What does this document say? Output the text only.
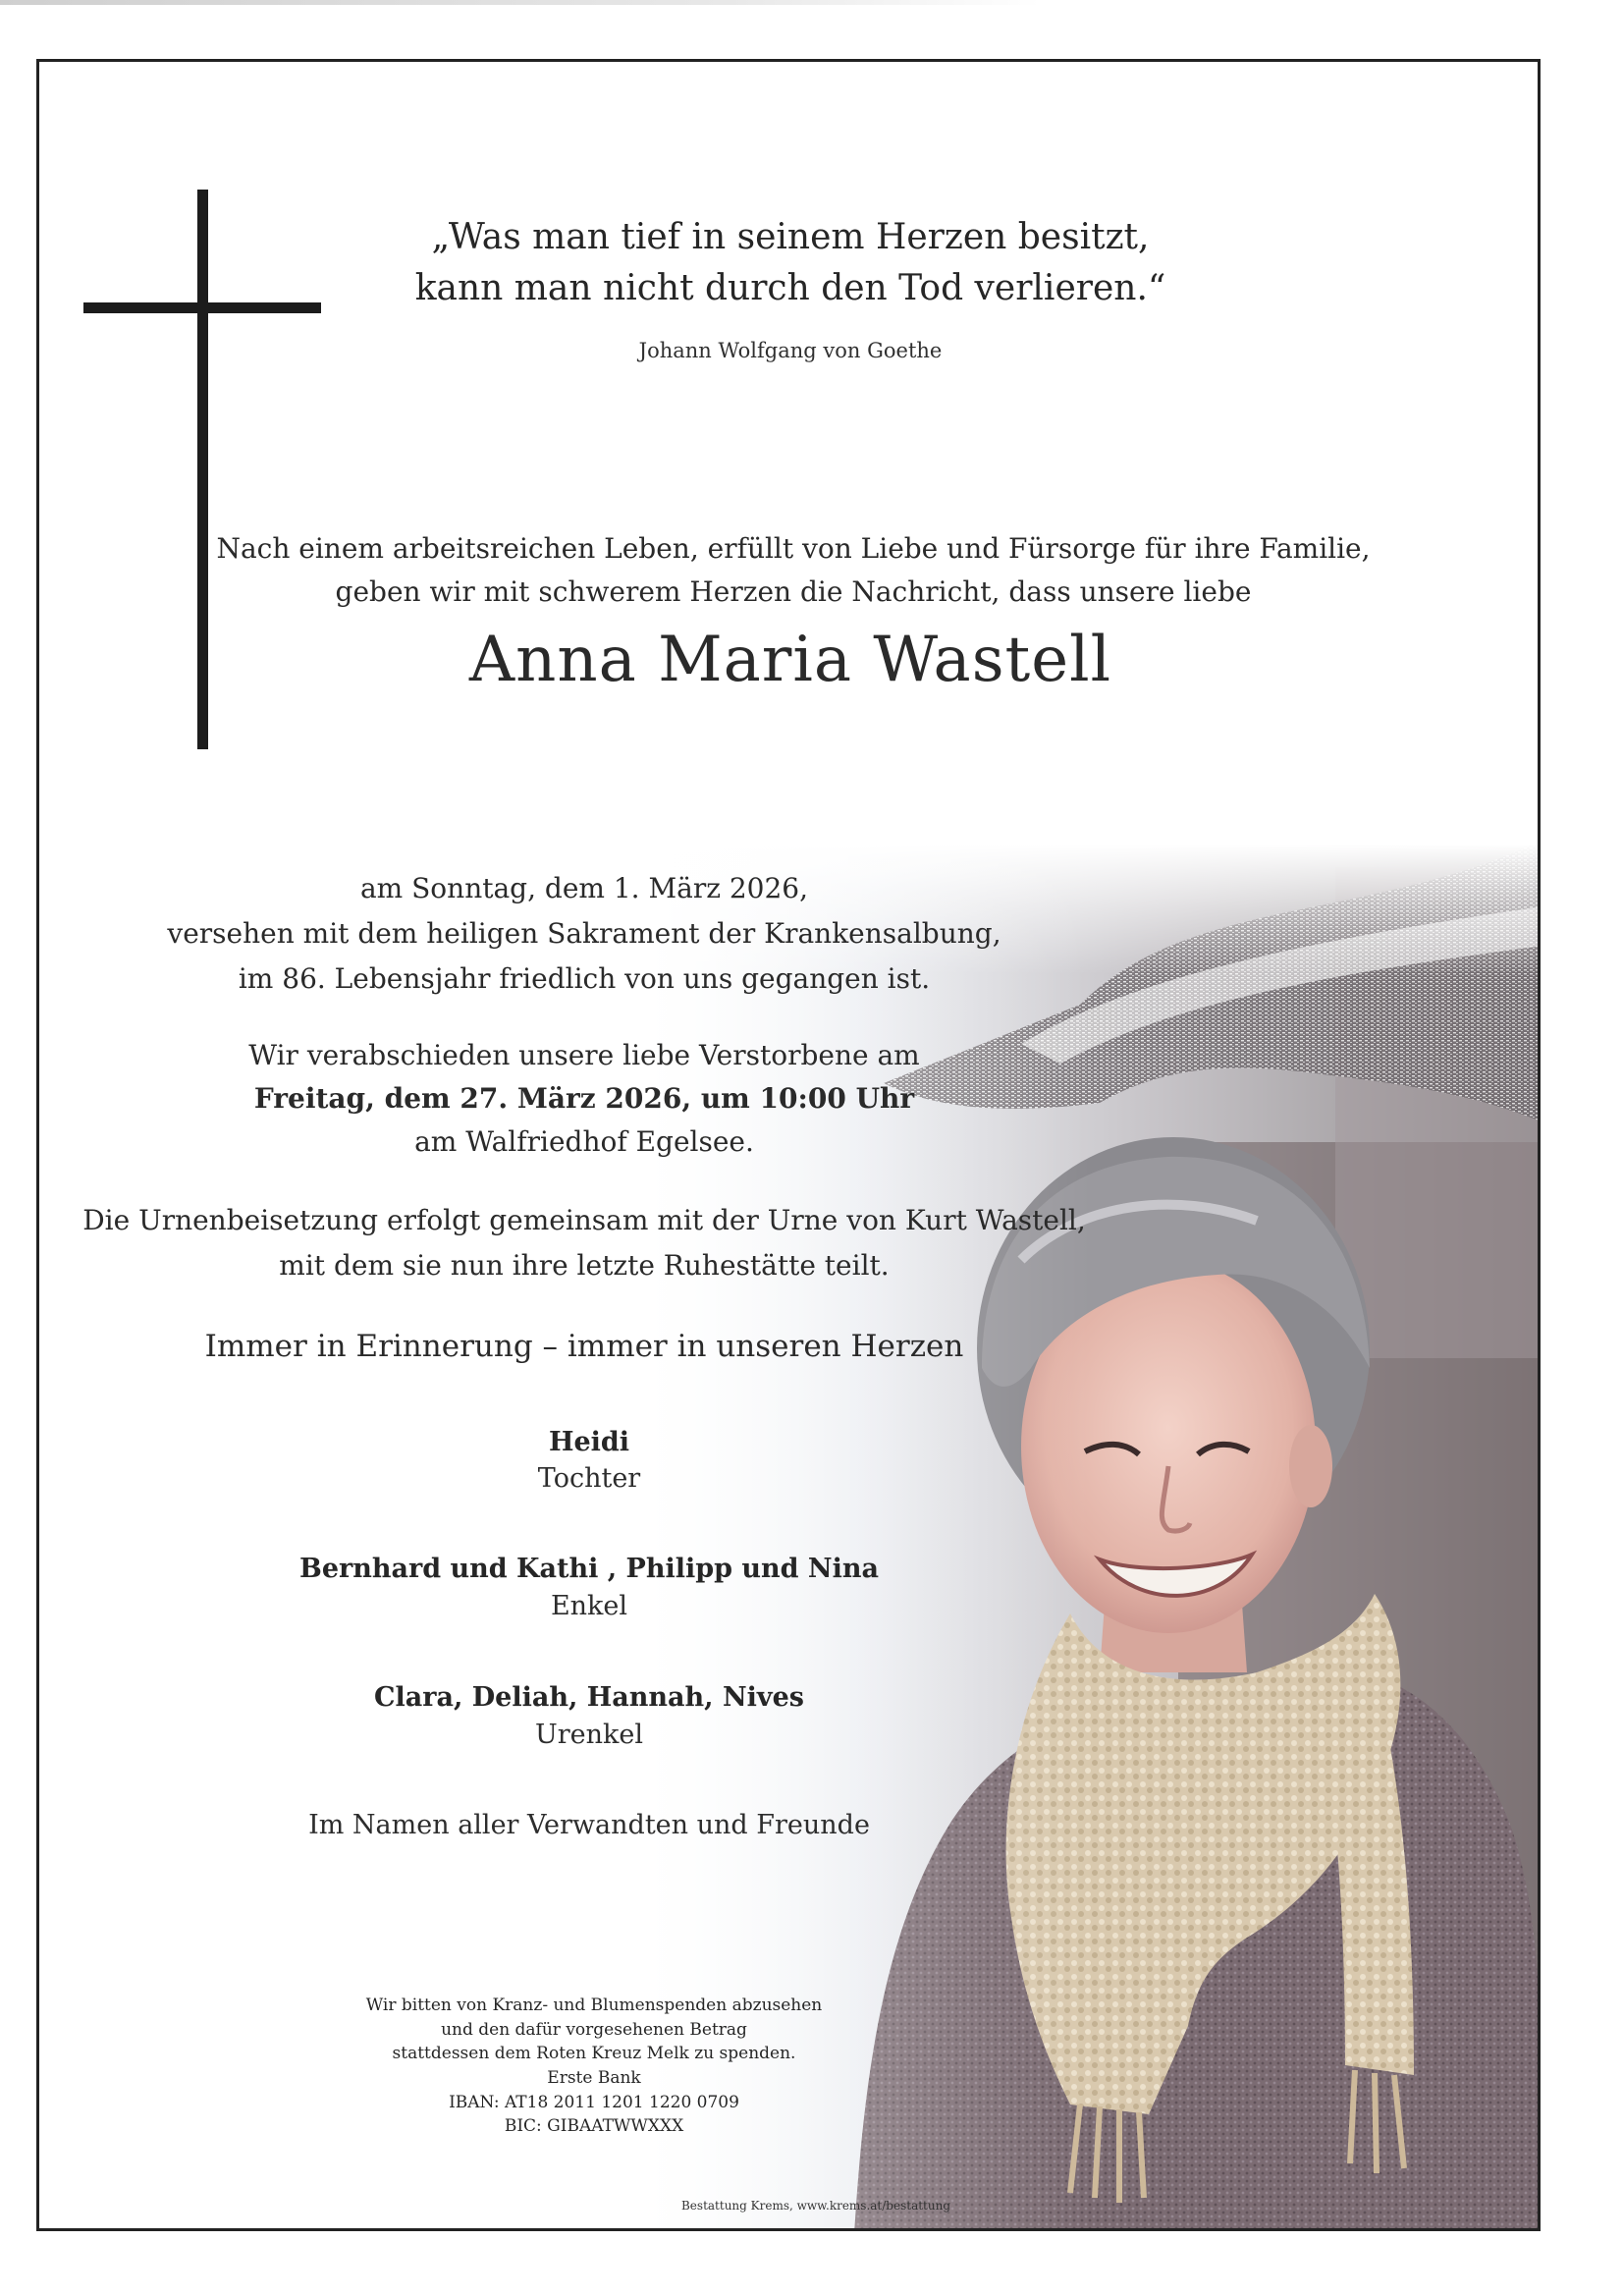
„Was man tief in seinem Herzen besitzt,
kann man nicht durch den Tod verlieren.“
Johann Wolfgang von Goethe
Nach einem arbeitsreichen Leben, erfüllt von Liebe und Fürsorge für ihre Familie,
geben wir mit schwerem Herzen die Nachricht, dass unsere liebe
Anna Maria Wastell
am Sonntag, dem 1. März 2026,
versehen mit dem heiligen Sakrament der Krankensalbung,
im 86. Lebensjahr friedlich von uns gegangen ist.
Wir verabschieden unsere liebe Verstorbene am
Freitag, dem 27. März 2026, um 10:00 Uhr
am Walfriedhof Egelsee.
Die Urnenbeisetzung erfolgt gemeinsam mit der Urne von Kurt Wastell,
mit dem sie nun ihre letzte Ruhestätte teilt.
Immer in Erinnerung – immer in unseren Herzen
Heidi
Tochter
Bernhard und Kathi , Philipp und Nina
Enkel
Clara, Deliah, Hannah, Nives
Urenkel
Im Namen aller Verwandten und Freunde
Wir bitten von Kranz- und Blumenspenden abzusehen
und den dafür vorgesehenen Betrag
stattdessen dem Roten Kreuz Melk zu spenden.
Erste Bank
IBAN: AT18 2011 1201 1220 0709
BIC: GIBAATWWXXX
Bestattung Krems, www.krems.at/bestattung
